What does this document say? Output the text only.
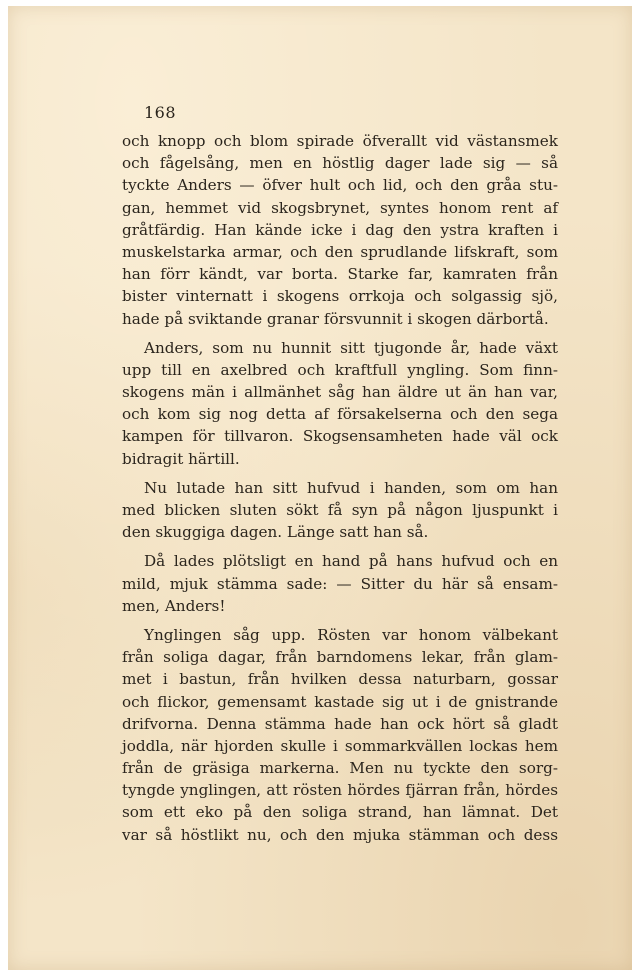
168
och knopp och blom spirade öfverallt vid västansmek
och fågelsång, men en höstlig dager lade sig — så
tyckte Anders — öfver hult och lid, och den gråa stu-
gan, hemmet vid skogsbrynet, syntes honom rent af
gråtfärdig. Han kände icke i dag den ystra kraften i
muskelstarka armar, och den sprudlande lifskraft, som
han förr kändt, var borta. Starke far, kamraten från
bister vinternatt i skogens orrkoja och solgassig sjö,
hade på sviktande granar försvunnit i skogen därbortå.
Anders, som nu hunnit sitt tjugonde år, hade växt
upp till en axelbred och kraftfull yngling. Som finn-
skogens män i allmänhet såg han äldre ut än han var,
och kom sig nog detta af försakelserna och den sega
kampen för tillvaron. Skogsensamheten hade väl ock
bidragit härtill.
Nu lutade han sitt hufvud i handen, som om han
med blicken sluten sökt få syn på någon ljuspunkt i
den skuggiga dagen. Länge satt han så.
Då lades plötsligt en hand på hans hufvud och en
mild, mjuk stämma sade: — Sitter du här så ensam-
men, Anders!
Ynglingen såg upp. Rösten var honom välbekant
från soliga dagar, från barndomens lekar, från glam-
met i bastun, från hvilken dessa naturbarn, gossar
och flickor, gemensamt kastade sig ut i de gnistrande
drifvorna. Denna stämma hade han ock hört så gladt
joddla, när hjorden skulle i sommarkvällen lockas hem
från de gräsiga markerna. Men nu tyckte den sorg-
tyngde ynglingen, att rösten hördes fjärran från, hördes
som ett eko på den soliga strand, han lämnat. Det
var så höstlikt nu, och den mjuka stämman och dess
